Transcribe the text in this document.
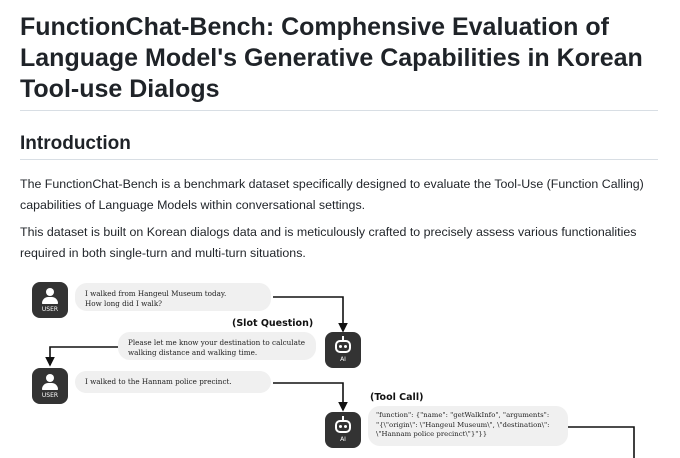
FunctionChat-Bench: Comphensive Evaluation of Language Model's Generative Capabilities in Korean Tool-use Dialogs
Introduction

The FunctionChat-Bench is a benchmark dataset specifically designed to evaluate the Tool-Use (Function Calling) capabilities of Language Models within conversational settings.

This dataset is built on Korean dialogs data and is meticulously crafted to precisely assess various functionalities required in both single-turn and multi-turn situations.

USER
I walked from Hangeul Museum today.
How long did I walk?
(Slot Question)
Please let me know your destination to calculate
walking distance and walking time.
AI
USER
I walked to the Hannam police precinct.
(Tool Call)
AI
"function": {"name": "getWalkInfo", "arguments":
"{\"origin\": \"Hangeul Museum\", \"destination\":
\"Hannam police precinct\"}"}}
